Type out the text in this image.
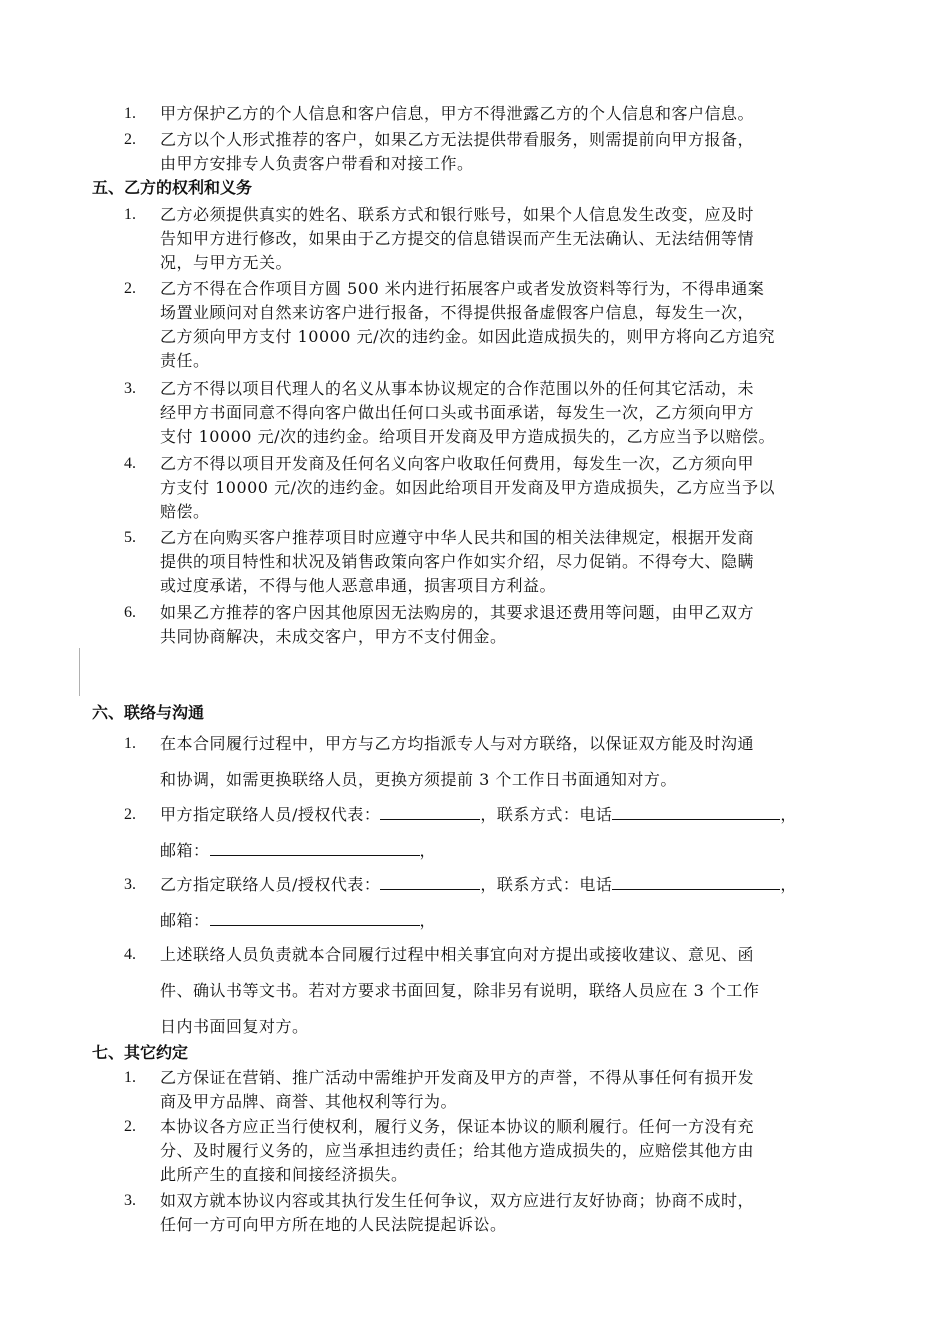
1.	甲方保护乙方的个人信息和客户信息，甲方不得泄露乙方的个人信息和客户信息。
2.	乙方以个人形式推荐的客户，如果乙方无法提供带看服务，则需提前向甲方报备，
由甲方安排专人负责客户带看和对接工作。
五、乙方的权利和义务
1.	乙方必须提供真实的姓名、联系方式和银行账号，如果个人信息发生改变，应及时
告知甲方进行修改，如果由于乙方提交的信息错误而产生无法确认、无法结佣等情
况，与甲方无关。
2.	乙方不得在合作项目方圆 500 米内进行拓展客户或者发放资料等行为，不得串通案
场置业顾问对自然来访客户进行报备，不得提供报备虚假客户信息，每发生一次，
乙方须向甲方支付 10000 元/次的违约金。如因此造成损失的，则甲方将向乙方追究
责任。
3.	乙方不得以项目代理人的名义从事本协议规定的合作范围以外的任何其它活动，未
经甲方书面同意不得向客户做出任何口头或书面承诺，每发生一次，乙方须向甲方
支付 10000 元/次的违约金。给项目开发商及甲方造成损失的，乙方应当予以赔偿。
4.	乙方不得以项目开发商及任何名义向客户收取任何费用，每发生一次，乙方须向甲
方支付 10000 元/次的违约金。如因此给项目开发商及甲方造成损失，乙方应当予以
赔偿。
5.	乙方在向购买客户推荐项目时应遵守中华人民共和国的相关法律规定，根据开发商
提供的项目特性和状况及销售政策向客户作如实介绍，尽力促销。不得夸大、隐瞒
或过度承诺，不得与他人恶意串通，损害项目方利益。
6.	如果乙方推荐的客户因其他原因无法购房的，其要求退还费用等问题，由甲乙双方
共同协商解决，未成交客户，甲方不支付佣金。
六、联络与沟通
1.	在本合同履行过程中，甲方与乙方均指派专人与对方联络，以保证双方能及时沟通
和协调，如需更换联络人员，更换方须提前 3 个工作日书面通知对方。
2.	甲方指定联络人员/授权代表：	，联系方式：电话	，
邮箱：	，
3.	乙方指定联络人员/授权代表：	，联系方式：电话	，
邮箱：	，
4.	上述联络人员负责就本合同履行过程中相关事宜向对方提出或接收建议、意见、函
件、确认书等文书。若对方要求书面回复，除非另有说明，联络人员应在 3 个工作
日内书面回复对方。
七、其它约定
1.	乙方保证在营销、推广活动中需维护开发商及甲方的声誉，不得从事任何有损开发
商及甲方品牌、商誉、其他权利等行为。
2.	本协议各方应正当行使权利，履行义务，保证本协议的顺利履行。任何一方没有充
分、及时履行义务的，应当承担违约责任；给其他方造成损失的，应赔偿其他方由
此所产生的直接和间接经济损失。
3.	如双方就本协议内容或其执行发生任何争议，双方应进行友好协商；协商不成时，
任何一方可向甲方所在地的人民法院提起诉讼。
